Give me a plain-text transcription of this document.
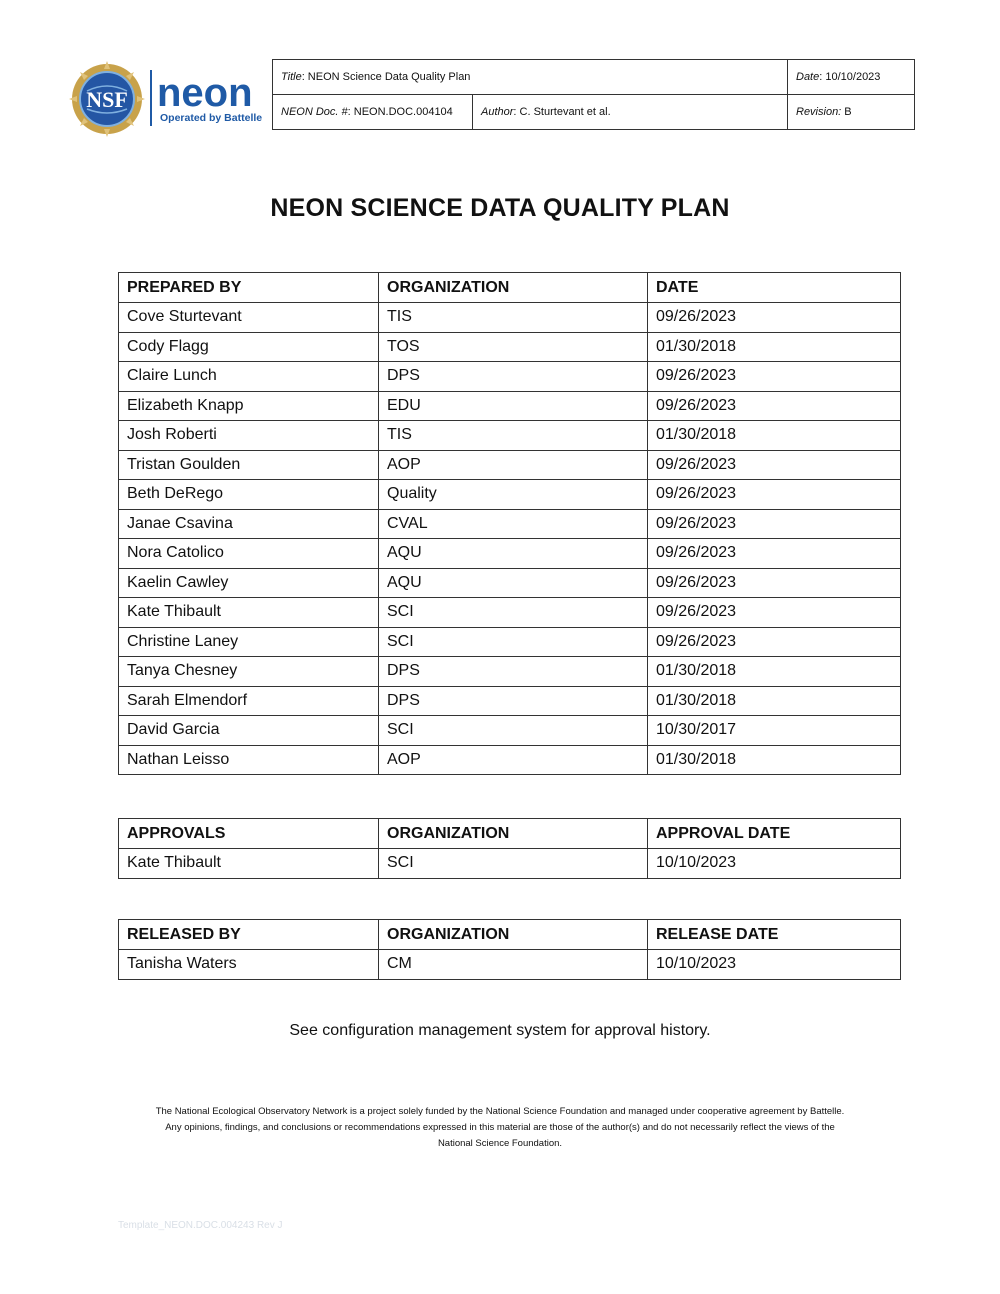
NSF neon
Operated by Battelle
Title: NEON Science Data Quality Plan		Date: 10/10/2023
NEON Doc. #: NEON.DOC.004104	Author: C. Sturtevant et al.	Revision: B
NEON SCIENCE DATA QUALITY PLAN
PREPARED BY	ORGANIZATION	DATE
Cove Sturtevant	TIS	09/26/2023
Cody Flagg	TOS	01/30/2018
Claire Lunch	DPS	09/26/2023
Elizabeth Knapp	EDU	09/26/2023
Josh Roberti	TIS	01/30/2018
Tristan Goulden	AOP	09/26/2023
Beth DeRego	Quality	09/26/2023
Janae Csavina	CVAL	09/26/2023
Nora Catolico	AQU	09/26/2023
Kaelin Cawley	AQU	09/26/2023
Kate Thibault	SCI	09/26/2023
Christine Laney	SCI	09/26/2023
Tanya Chesney	DPS	01/30/2018
Sarah Elmendorf	DPS	01/30/2018
David Garcia	SCI	10/30/2017
Nathan Leisso	AOP	01/30/2018
APPROVALS	ORGANIZATION	APPROVAL DATE
Kate Thibault	SCI	10/10/2023
RELEASED BY	ORGANIZATION	RELEASE DATE
Tanisha Waters	CM	10/10/2023
See configuration management system for approval history.
The National Ecological Observatory Network is a project solely funded by the National Science Foundation and managed under cooperative agreement by Battelle.
Any opinions, findings, and conclusions or recommendations expressed in this material are those of the author(s) and do not necessarily reflect the views of the
National Science Foundation.
Template_NEON.DOC.004243 Rev J
